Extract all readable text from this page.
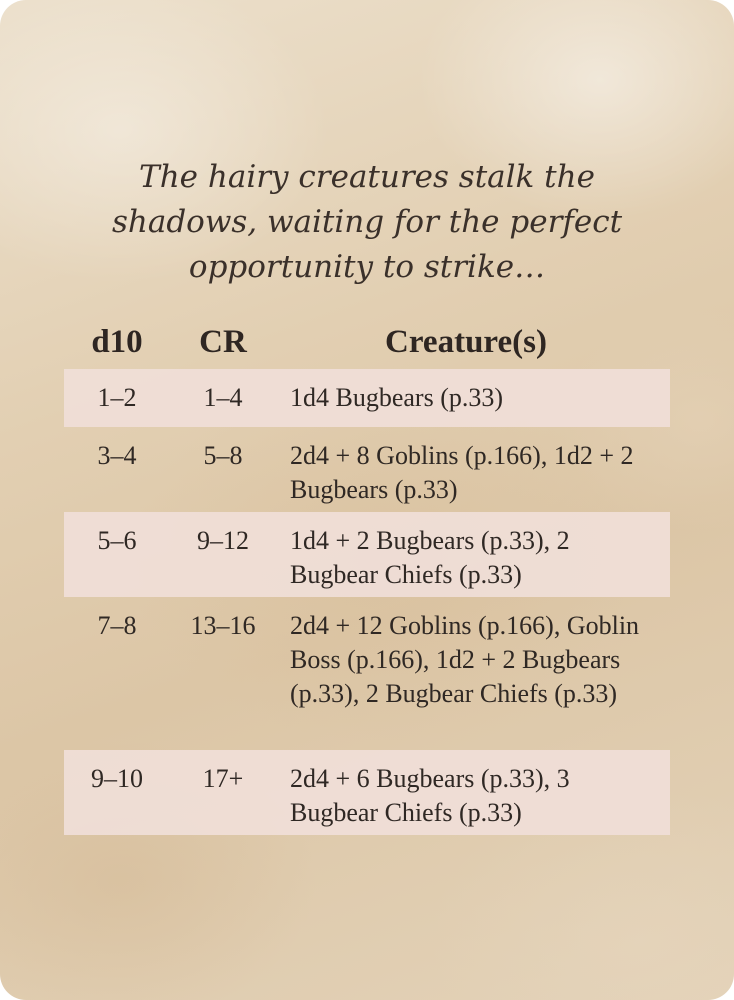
The hairy creatures stalk the shadows, waiting for the perfect opportunity to strike…
d10	CR	Creature(s)
1–2	1–4	1d4 Bugbears (p.33)
3–4	5–8	2d4 + 8 Goblins (p.166), 1d2 + 2 Bugbears (p.33)
5–6	9–12	1d4 + 2 Bugbears (p.33), 2 Bugbear Chiefs (p.33)
7–8	13–16	2d4 + 12 Goblins (p.166), Goblin Boss (p.166), 1d2 + 2 Bugbears (p.33), 2 Bugbear Chiefs (p.33)
9–10	17+	2d4 + 6 Bugbears (p.33), 3 Bugbear Chiefs (p.33)
